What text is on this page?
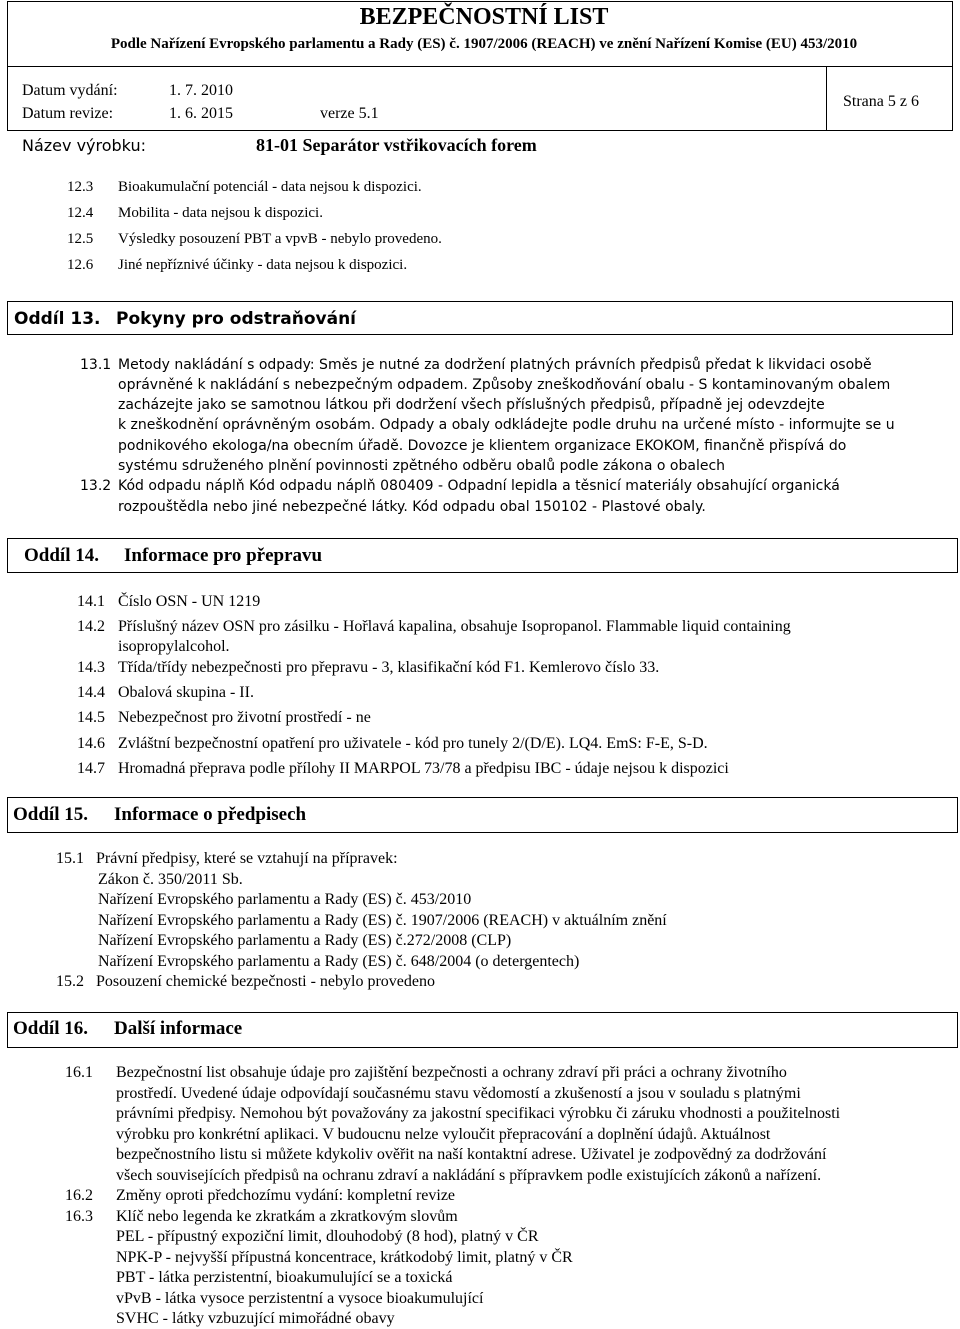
BEZPEČNOSTNÍ LIST
Podle Nařízení Evropského parlamentu a Rady (ES) č. 1907/2006 (REACH) ve znění Nařízení Komise (EU) 453/2010
Datum vydání:	1. 7. 2010
Datum revize:	1. 6. 2015	verze 5.1
Strana 5 z 6
Název výrobku:	81-01 Separátor vstřikovacích forem
12.3 Bioakumulační potenciál - data nejsou k dispozici.
12.4 Mobilita - data nejsou k dispozici.
12.5 Výsledky posouzení PBT a vpvB - nebylo provedeno.
12.6 Jiné nepříznivé účinky - data nejsou k dispozici.
Oddíl 13. Pokyny pro odstraňování
13.1 Metody nakládání s odpady: Směs je nutné za dodržení platných právních předpisů předat k likvidaci osobě
oprávněné k nakládání s nebezpečným odpadem. Způsoby zneškodňování obalu - S kontaminovaným obalem
zacházejte jako se samotnou látkou při dodržení všech příslušných předpisů, případně jej odevzdejte
k zneškodnění oprávněným osobám. Odpady a obaly odkládejte podle druhu na určené místo - informujte se u
podnikového ekologa/na obecním úřadě. Dovozce je klientem organizace EKOKOM, finančně přispívá do
systému sdruženého plnění povinnosti zpětného odběru obalů podle zákona o obalech
13.2 Kód odpadu náplň Kód odpadu náplň 080409 - Odpadní lepidla a těsnicí materiály obsahující organická
rozpouštědla nebo jiné nebezpečné látky. Kód odpadu obal 150102 - Plastové obaly.
Oddíl 14. Informace pro přepravu
14.1 Číslo OSN - UN 1219
14.2 Příslušný název OSN pro zásilku - Hořlavá kapalina, obsahuje Isopropanol. Flammable liquid containing
isopropylalcohol.
14.3 Třída/třídy nebezpečnosti pro přepravu - 3, klasifikační kód F1. Kemlerovo číslo 33.
14.4 Obalová skupina - II.
14.5 Nebezpečnost pro životní prostředí - ne
14.6 Zvláštní bezpečnostní opatření pro uživatele - kód pro tunely 2/(D/E). LQ4. EmS: F-E, S-D.
14.7 Hromadná přeprava podle přílohy II MARPOL 73/78 a předpisu IBC - údaje nejsou k dispozici
Oddíl 15. Informace o předpisech
15.1 Právní předpisy, které se vztahují na přípravek:
Zákon č. 350/2011 Sb.
Nařízení Evropského parlamentu a Rady (ES) č. 453/2010
Nařízení Evropského parlamentu a Rady (ES) č. 1907/2006 (REACH) v aktuálním znění
Nařízení Evropského parlamentu a Rady (ES) č.272/2008 (CLP)
Nařízení Evropského parlamentu a Rady (ES) č. 648/2004 (o detergentech)
15.2 Posouzení chemické bezpečnosti - nebylo provedeno
Oddíl 16. Další informace
16.1 Bezpečnostní list obsahuje údaje pro zajištění bezpečnosti a ochrany zdraví při práci a ochrany životního
prostředí. Uvedené údaje odpovídají současnému stavu vědomostí a zkušeností a jsou v souladu s platnými
právními předpisy. Nemohou být považovány za jakostní specifikaci výrobku či záruku vhodnosti a použitelnosti
výrobku pro konkrétní aplikaci. V budoucnu nelze vyloučit přepracování a doplnění údajů. Aktuálnost
bezpečnostního listu si můžete kdykoliv ověřit na naší kontaktní adrese. Uživatel je zodpovědný za dodržování
všech souvisejících předpisů na ochranu zdraví a nakládání s přípravkem podle existujících zákonů a nařízení.
16.2 Změny oproti předchozímu vydání: kompletní revize
16.3 Klíč nebo legenda ke zkratkám a zkratkovým slovům
PEL - přípustný expoziční limit, dlouhodobý (8 hod), platný v ČR
NPK-P - nejvyšší přípustná koncentrace, krátkodobý limit, platný v ČR
PBT - látka perzistentní, bioakumulující se a toxická
vPvB - látka vysoce perzistentní a vysoce bioakumulující
SVHC - látky vzbuzující mimořádné obavy
